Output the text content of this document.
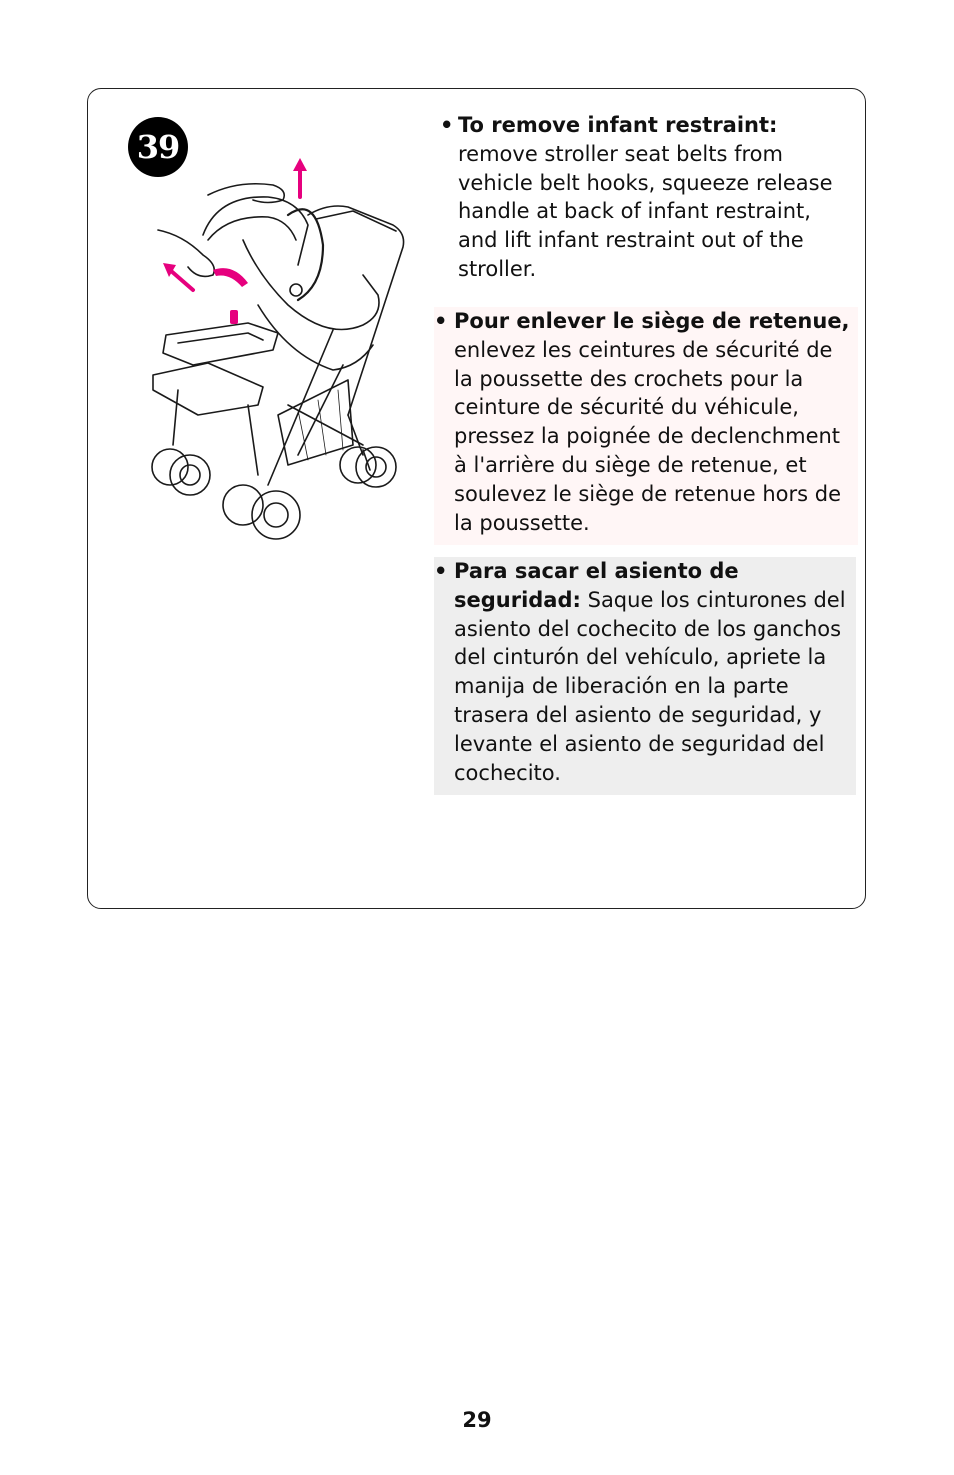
39
• To remove infant restraint: remove stroller seat belts from vehicle belt hooks, squeeze release handle at back of infant restraint, and lift infant restraint out of the stroller.
• Pour enlever le siège de retenue, enlevez les ceintures de sécurité de la poussette des crochets pour la ceinture de sécurité du véhicule, pressez la poignée de declenchment à l'arrière du siège de retenue, et soulevez le siège de retenue hors de la poussette.
• Para sacar el asiento de seguridad: Saque los cinturones del asiento del cochecito de los ganchos del cinturón del vehículo, apriete la manija de liberación en la parte trasera del asiento de seguridad, y levante el asiento de seguridad del cochecito.
29
